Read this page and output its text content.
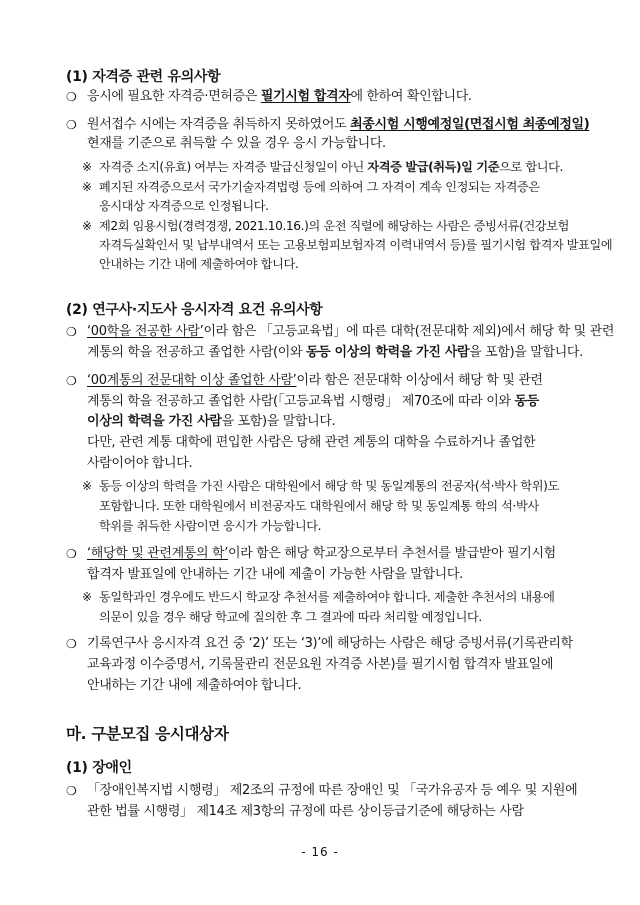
(1) 자격증 관련 유의사항
❍ 응시에 필요한 자격증·면허증은 필기시험 합격자에 한하여 확인합니다.
❍ 원서접수 시에는 자격증을 취득하지 못하였어도 최종시험 시행예정일(면접시험 최종예정일)
현재를 기준으로 취득할 수 있을 경우 응시 가능합니다.
※ 자격증 소지(유효) 여부는 자격증 발급신청일이 아닌 자격증 발급(취득)일 기준으로 합니다.
※ 폐지된 자격증으로서 국가기술자격법령 등에 의하여 그 자격이 계속 인정되는 자격증은
응시대상 자격증으로 인정됩니다.
※ 제2회 임용시험(경력경쟁, 2021.10.16.)의 운전 직렬에 해당하는 사람은 증빙서류(건강보험
자격득실확인서 및 납부내역서 또는 고용보험피보험자격 이력내역서 등)를 필기시험 합격자 발표일에
안내하는 기간 내에 제출하여야 합니다.
(2) 연구사·지도사 응시자격 요건 유의사항
❍ ‘00학을 전공한 사람’이라 함은 「고등교육법」에 따른 대학(전문대학 제외)에서 해당 학 및 관련
계통의 학을 전공하고 졸업한 사람(이와 동등 이상의 학력을 가진 사람을 포함)을 말합니다.
❍ ‘00계통의 전문대학 이상 졸업한 사람’이라 함은 전문대학 이상에서 해당 학 및 관련
계통의 학을 전공하고 졸업한 사람(「고등교육법 시행령」 제70조에 따라 이와 동등
이상의 학력을 가진 사람을 포함)을 말합니다.
다만, 관련 계통 대학에 편입한 사람은 당해 관련 계통의 대학을 수료하거나 졸업한
사람이어야 합니다.
※ 동등 이상의 학력을 가진 사람은 대학원에서 해당 학 및 동일계통의 전공자(석·박사 학위)도
포함합니다. 또한 대학원에서 비전공자도 대학원에서 해당 학 및 동일계통 학의 석·박사
학위를 취득한 사람이면 응시가 가능합니다.
❍ ‘해당학 및 관련계통의 학’이라 함은 해당 학교장으로부터 추천서를 발급받아 필기시험
합격자 발표일에 안내하는 기간 내에 제출이 가능한 사람을 말합니다.
※ 동일학과인 경우에도 반드시 학교장 추천서를 제출하여야 합니다. 제출한 추천서의 내용에
의문이 있을 경우 해당 학교에 질의한 후 그 결과에 따라 처리할 예정입니다.
❍ 기록연구사 응시자격 요건 중 ‘2)’ 또는 ‘3)’에 해당하는 사람은 해당 증빙서류(기록관리학
교육과정 이수증명서, 기록물관리 전문요원 자격증 사본)를 필기시험 합격자 발표일에
안내하는 기간 내에 제출하여야 합니다.
마. 구분모집 응시대상자
(1) 장애인
❍ 「장애인복지법 시행령」 제2조의 규정에 따른 장애인 및 「국가유공자 등 예우 및 지원에
관한 법률 시행령」 제14조 제3항의 규정에 따른 상이등급기준에 해당하는 사람
- 16 -
